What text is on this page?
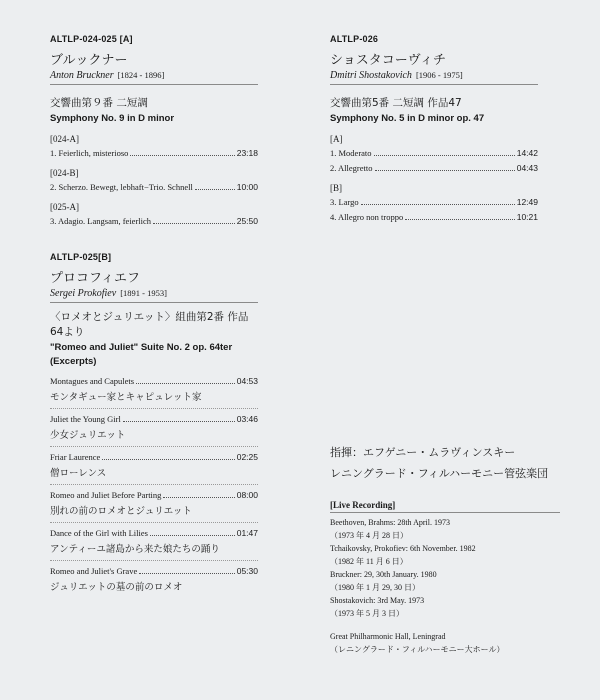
ALTLP-024-025 [A]
ブルックナー
Anton Bruckner [1824 - 1896]
交響曲第９番 二短調
Symphony No. 9 in D minor
[024-A]
1. Feierlich, misterioso	23:18
[024-B]
2. Scherzo. Bewegt, lebhaft−Trio. Schnell	10:00
[025-A]
3. Adagio. Langsam, feierlich	25:50
ALTLP-026
ショスタコーヴィチ
Dmitri Shostakovich [1906 - 1975]
交響曲第5番 二短調 作品47
Symphony No. 5 in D minor op. 47
[A]
1. Moderato	14:42
2. Allegretto	04:43
[B]
3. Largo	12:49
4. Allegro non troppo	10:21
ALTLP-025[B]
プロコフィエフ
Sergei Prokofiev [1891 - 1953]
〈ロメオとジュリエット〉組曲第2番 作品64より
"Romeo and Juliet" Suite No. 2 op. 64ter
(Excerpts)
Montagues and Capulets	04:53
モンタギュー家とキャピュレット家
Juliet the Young Girl	03:46
少女ジュリエット
Friar Laurence	02:25
僧ローレンス
Romeo and Juliet Before Parting	08:00
別れの前のロメオとジュリエット
Dance of the Girl with Lilies	01:47
アンティーユ諸島から来た娘たちの踊り
Romeo and Juliet's Grave	05:30
ジュリエットの墓の前のロメオ
指揮：エフゲニー・ムラヴィンスキー
レニングラード・フィルハーモニー管弦楽団
[Live Recording]
Beethoven, Brahms: 28th April. 1973
（1973 年 4 月 28 日）
Tchaikovsky, Prokofiev: 6th November. 1982
（1982 年 11 月 6 日）
Bruckner: 29, 30th January. 1980
（1980 年 1 月 29, 30 日）
Shostakovich: 3rd May. 1973
（1973 年 5 月 3 日）
Great Philharmonic Hall, Leningrad
（レニングラード・フィルハーモニー大ホール）
